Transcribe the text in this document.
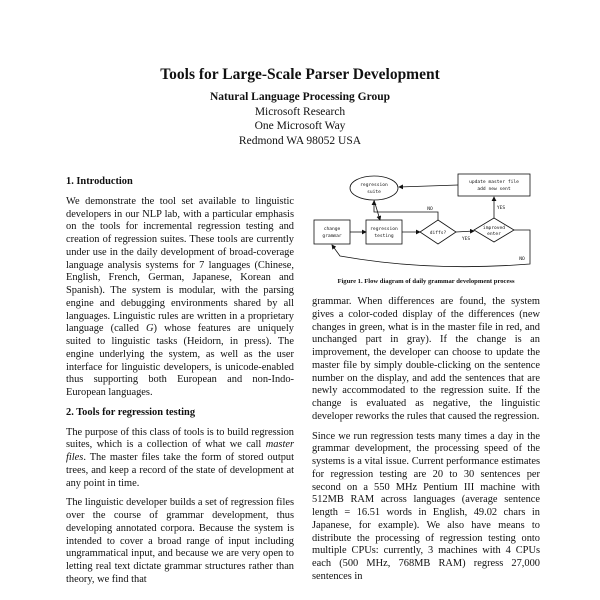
Tools for Large-Scale Parser Development
Natural Language Processing Group
Microsoft Research
One Microsoft Way
Redmond WA 98052 USA
1. Introduction

We demonstrate the tool set available to linguistic developers in our NLP lab, with a particular emphasis on the tools for incremental regression testing and creation of regression suites. These tools are currently under use in the daily development of broad-coverage language analysis systems for 7 languages (Chinese, English, French, German, Japanese, Korean and Spanish). The system is modular, with the parsing engine and debugging environments shared by all languages. Linguistic rules are written in a proprietary language (called G) whose features are uniquely suited to linguistic tasks (Heidorn, in press). The engine underlying the system, as well as the user interface for linguistic developers, is unicode-enabled thus supporting both European and non-Indo-European languages.

2. Tools for regression testing

The purpose of this class of tools is to build regression suites, which is a collection of what we call master files. The master files take the form of stored output trees, and keep a record of the state of development at any point in time.

The linguistic developer builds a set of regression files over the course of grammar development, thus developing annotated corpora. Because the system is intended to cover a broad range of input including ungrammatical input, and because we are very open to letting real text dictate grammar structures rather than theory, we find that

regression
suite
update master file
add new sent
change
grammar
regression
testing
diffs?
improved
enter
NO	YES
YES
NO
Figure 1. Flow diagram of daily grammar development process

grammar. When differences are found, the system gives a color-coded display of the differences (new changes in green, what is in the master file in red, and unchanged part in gray). If the change is an improvement, the developer can choose to update the master file by simply double-clicking on the sentence number on the display, and add the sentences that are newly accommodated to the regression suite. If the change is evaluated as negative, the linguistic developer reworks the rules that caused the regression.

Since we run regression tests many times a day in the grammar development, the processing speed of the systems is a vital issue. Current performance estimates for regression testing are 20 to 30 sentences per second on a 550 MHz Pentium III machine with 512MB RAM across languages (average sentence length = 16.51 words in English, 49.02 chars in Japanese, for example). We also have means to distribute the processing of regression testing onto multiple CPUs: currently, 3 machines with 4 CPUs each (500 MHz, 768MB RAM) regress 27,000 sentences in
